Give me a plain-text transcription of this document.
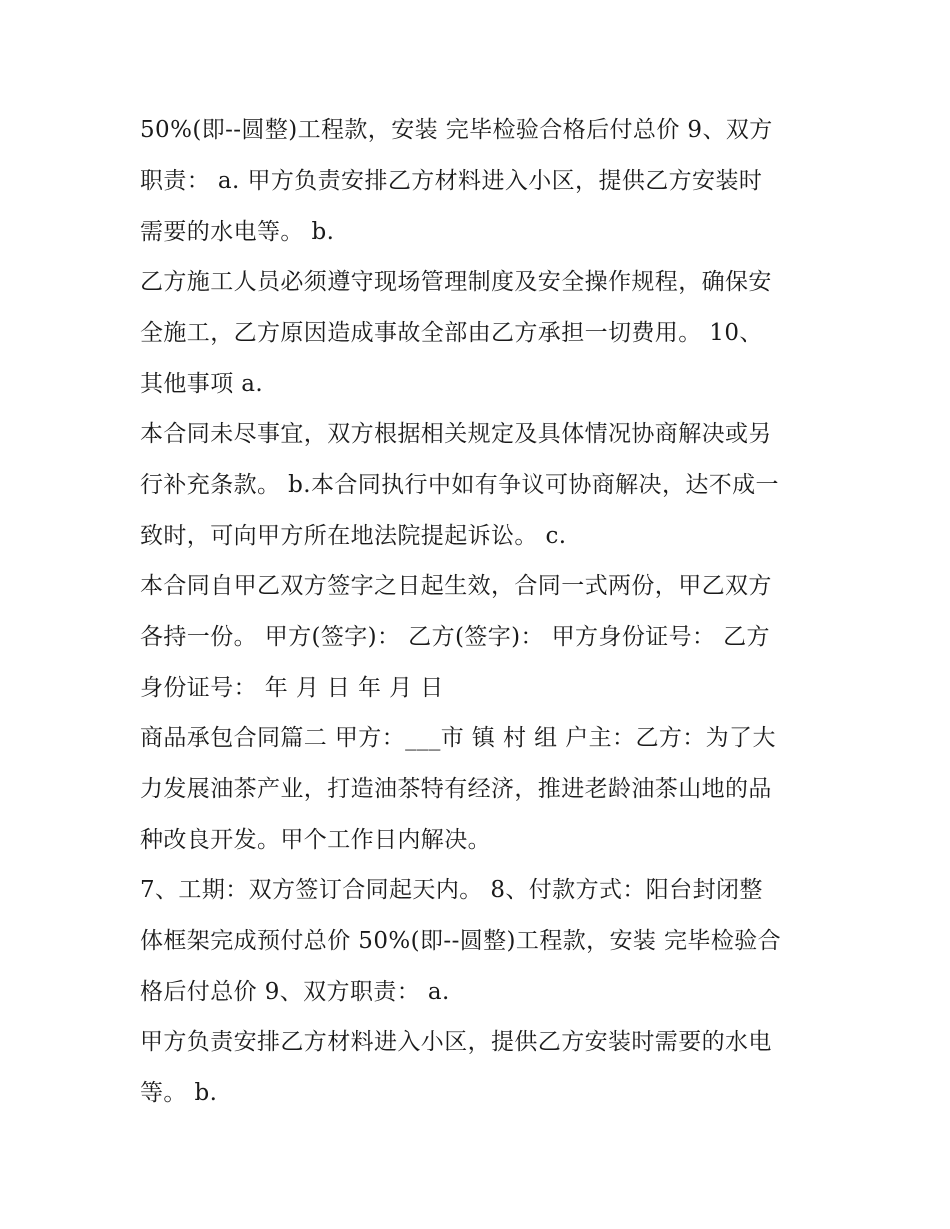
50%(即--圆整)工程款，安装 完毕检验合格后付总价 9、双方
职责： a. 甲方负责安排乙方材料进入小区，提供乙方安装时
需要的水电等。 b.
乙方施工人员必须遵守现场管理制度及安全操作规程，确保安
全施工，乙方原因造成事故全部由乙方承担一切费用。 10、
其他事项 a.
本合同未尽事宜，双方根据相关规定及具体情况协商解决或另
行补充条款。 b.本合同执行中如有争议可协商解决，达不成一
致时，可向甲方所在地法院提起诉讼。 c.
本合同自甲乙双方签字之日起生效，合同一式两份，甲乙双方
各持一份。 甲方(签字)： 乙方(签字)： 甲方身份证号： 乙方
身份证号： 年 月 日 年 月 日
商品承包合同篇二 甲方：___市 镇 村 组 户主：乙方：为了大
力发展油茶产业，打造油茶特有经济，推进老龄油茶山地的品
种改良开发。甲个工作日内解决。
7、工期：双方签订合同起天内。 8、付款方式：阳台封闭整
体框架完成预付总价 50%(即--圆整)工程款，安装 完毕检验合
格后付总价 9、双方职责： a.
甲方负责安排乙方材料进入小区，提供乙方安装时需要的水电
等。 b.
